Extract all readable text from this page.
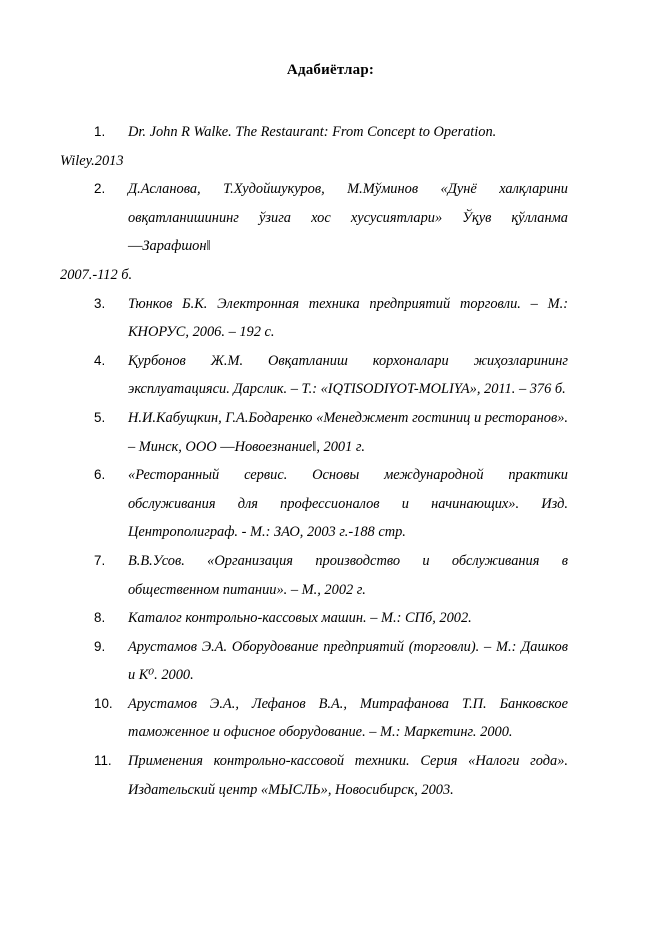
Адабиётлар:
1.	Dr. John R Walke. The Restaurant: From Concept to Operation.
Wiley.2013
2.	Д.Асланова, Т.Худойшукуров, М.Мўминов «Дунё халқларини овқатланишининг ўзига хос хусусиятлари» Ўқув қўлланма ―Зарафшон‖
2007.-112 б.
3.	Тюнков Б.К. Электронная техника предприятий торговли. – М.: КНОРУС, 2006. – 192 с.
4.	Қурбонов Ж.М. Овқатланиш корхоналари жиҳозларининг эксплуатацияси. Дарслик. – Т.: «IQTISODIYOT-MOLIYA», 2011. – 376 б.
5.	Н.И.Кабущкин, Г.А.Бодаренко «Менеджмент гостиниц и ресторанов». – Минск, ООО ―Новоезнание‖, 2001 г.
6.	«Ресторанный сервис. Основы международной практики обслуживания для профессионалов и начинающих». Изд. Центрополиграф. - М.: ЗАО, 2003 г.-188 стр.
7.	В.В.Усов. «Организация производство и обслуживания в общественном питании». – М., 2002 г.
8.	Каталог контрольно-кассовых машин. – М.: СПб, 2002.
9.	Арустамов Э.А. Оборудование предприятий (торговли). – М.: Дашков и К⁰. 2000.
10.	Арустамов Э.А., Лефанов В.А., Митрафанова Т.П. Банковское таможенное и офисное оборудование. – М.: Маркетинг. 2000.
11.	Применения контрольно-кассовой техники. Серия «Налоги года». Издательский центр «МЫСЛЬ», Новосибирск, 2003.
